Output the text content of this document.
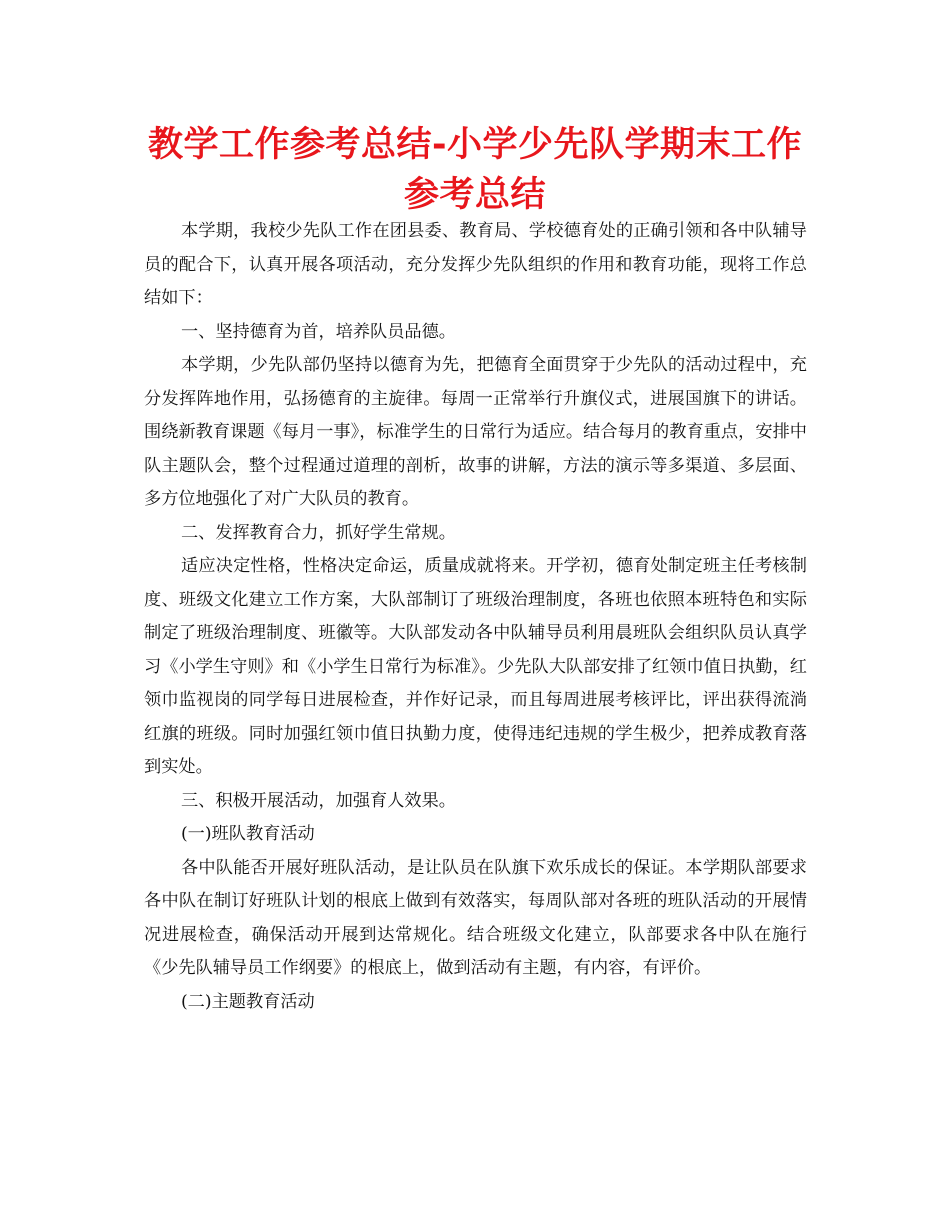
教学工作参考总结-小学少先队学期末工作参考总结

本学期，我校少先队工作在团县委、教育局、学校德育处的正确引领和各中队辅导员的配合下，认真开展各项活动，充分发挥少先队组织的作用和教育功能，现将工作总结如下：

一、坚持德育为首，培养队员品德。

本学期，少先队部仍坚持以德育为先，把德育全面贯穿于少先队的活动过程中，充分发挥阵地作用，弘扬德育的主旋律。每周一正常举行升旗仪式，进展国旗下的讲话。围绕新教育课题《每月一事》，标准学生的日常行为适应。结合每月的教育重点，安排中队主题队会，整个过程通过道理的剖析，故事的讲解，方法的演示等多渠道、多层面、多方位地强化了对广大队员的教育。

二、发挥教育合力，抓好学生常规。

适应决定性格，性格决定命运，质量成就将来。开学初，德育处制定班主任考核制度、班级文化建立工作方案，大队部制订了班级治理制度，各班也依照本班特色和实际制定了班级治理制度、班徽等。大队部发动各中队辅导员利用晨班队会组织队员认真学习《小学生守则》和《小学生日常行为标准》。少先队大队部安排了红领巾值日执勤，红领巾监视岗的同学每日进展检查，并作好记录，而且每周进展考核评比，评出获得流淌红旗的班级。同时加强红领巾值日执勤力度，使得违纪违规的学生极少，把养成教育落到实处。

三、积极开展活动，加强育人效果。

(一)班队教育活动

各中队能否开展好班队活动，是让队员在队旗下欢乐成长的保证。本学期队部要求各中队在制订好班队计划的根底上做到有效落实，每周队部对各班的班队活动的开展情况进展检查，确保活动开展到达常规化。结合班级文化建立，队部要求各中队在施行《少先队辅导员工作纲要》的根底上，做到活动有主题，有内容，有评价。

(二)主题教育活动
